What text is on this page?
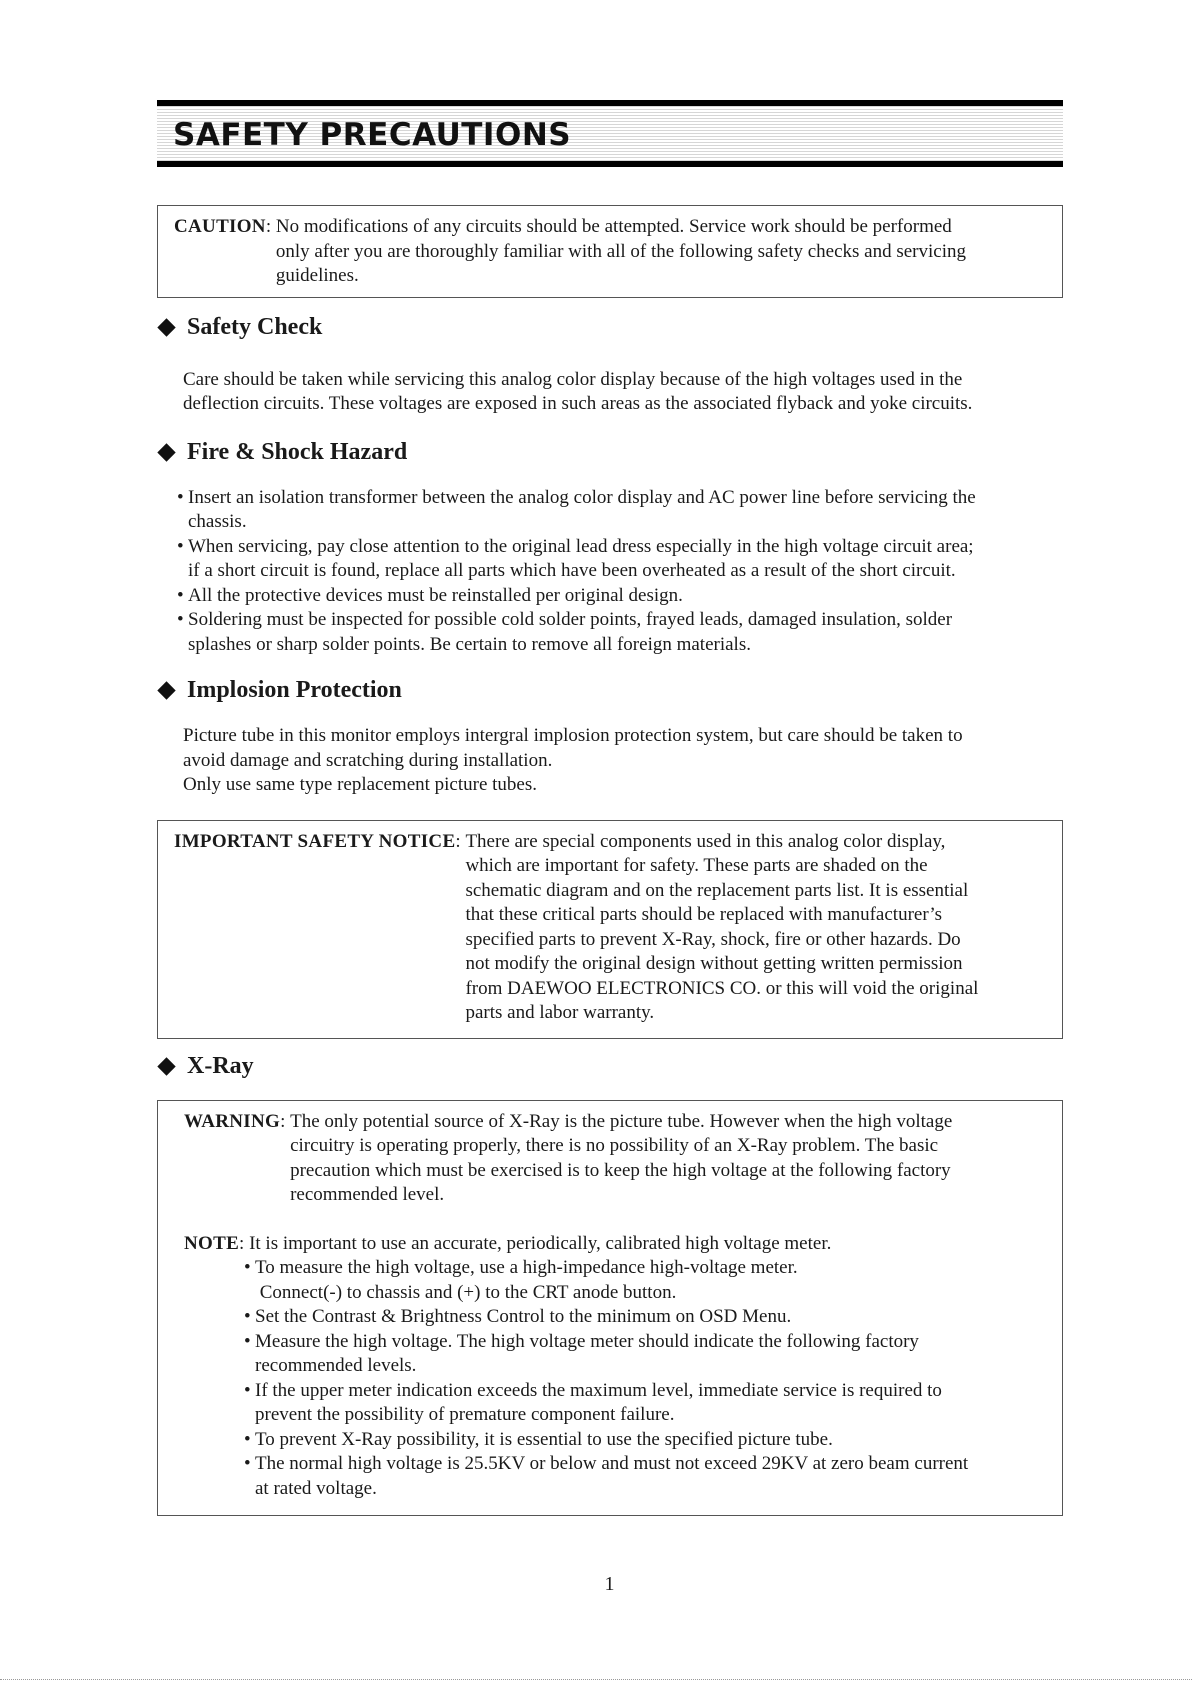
SAFETY PRECAUTIONS
CAUTION : No modifications of any circuits should be attempted. Service work should be performed
only after you are thoroughly familiar with all of the following safety checks and servicing
guidelines.
Safety Check
Care should be taken while servicing this analog color display because of the high voltages used in the
deflection circuits. These voltages are exposed in such areas as the associated flyback and yoke circuits.
Fire & Shock Hazard
• Insert an isolation transformer between the analog color display and AC power line before servicing the
chassis.
• When servicing, pay close attention to the original lead dress especially in the high voltage circuit area;
if a short circuit is found, replace all parts which have been overheated as a result of the short circuit.
• All the protective devices must be reinstalled per original design.
• Soldering must be inspected for possible cold solder points, frayed leads, damaged insulation, solder
splashes or sharp solder points. Be certain to remove all foreign materials.
Implosion Protection
Picture tube in this monitor employs intergral implosion protection system, but care should be taken to
avoid damage and scratching during installation.
Only use same type replacement picture tubes.
IMPORTANT SAFETY NOTICE : There are special components used in this analog color display,
which are important for safety. These parts are shaded on the
schematic diagram and on the replacement parts list. It is essential
that these critical parts should be replaced with manufacturer’s
specified parts to prevent X-Ray, shock, fire or other hazards. Do
not modify the original design without getting written permission
from DAEWOO ELECTRONICS CO. or this will void the original
parts and labor warranty.
X-Ray
WARNING : The only potential source of X-Ray is the picture tube. However when the high voltage
circuitry is operating properly, there is no possibility of an X-Ray problem. The basic
precaution which must be exercised is to keep the high voltage at the following factory
recommended level.
NOTE : It is important to use an accurate, periodically, calibrated high voltage meter.
• To measure the high voltage, use a high-impedance high-voltage meter.
Connect(-) to chassis and (+) to the CRT anode button.
• Set the Contrast & Brightness Control to the minimum on OSD Menu.
• Measure the high voltage. The high voltage meter should indicate the following factory
recommended levels.
• If the upper meter indication exceeds the maximum level, immediate service is required to
prevent the possibility of premature component failure.
• To prevent X-Ray possibility, it is essential to use the specified picture tube.
• The normal high voltage is 25.5KV or below and must not exceed 29KV at zero beam current
at rated voltage.
1
